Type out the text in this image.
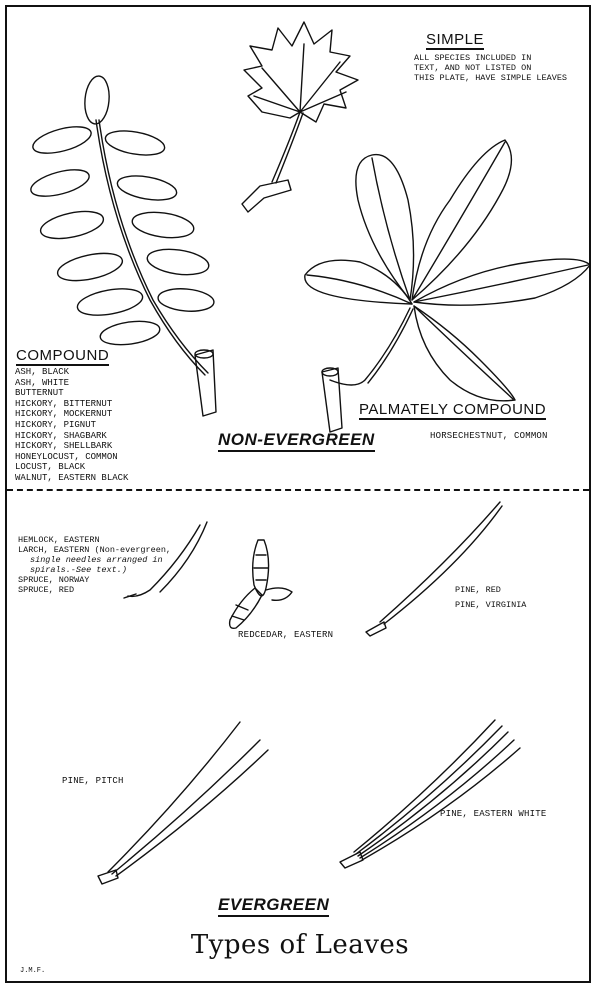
SIMPLE
ALL SPECIES INCLUDED IN
TEXT, AND NOT LISTED ON
THIS PLATE, HAVE SIMPLE LEAVES
COMPOUND
ASH, BLACK
ASH, WHITE
BUTTERNUT
HICKORY, BITTERNUT
HICKORY, MOCKERNUT
HICKORY, PIGNUT
HICKORY, SHAGBARK
HICKORY, SHELLBARK
HONEYLOCUST, COMMON
LOCUST, BLACK
WALNUT, EASTERN BLACK
PALMATELY COMPOUND
HORSECHESTNUT, COMMON
NON-EVERGREEN
HEMLOCK, EASTERN
LARCH, EASTERN (Non-evergreen,
single needles arranged in
spirals.-See text.)
SPRUCE, NORWAY
SPRUCE, RED
REDCEDAR, EASTERN
PINE, RED
PINE, VIRGINIA
PINE, PITCH
PINE, EASTERN WHITE
EVERGREEN
Types of Leaves
J.M.F.
